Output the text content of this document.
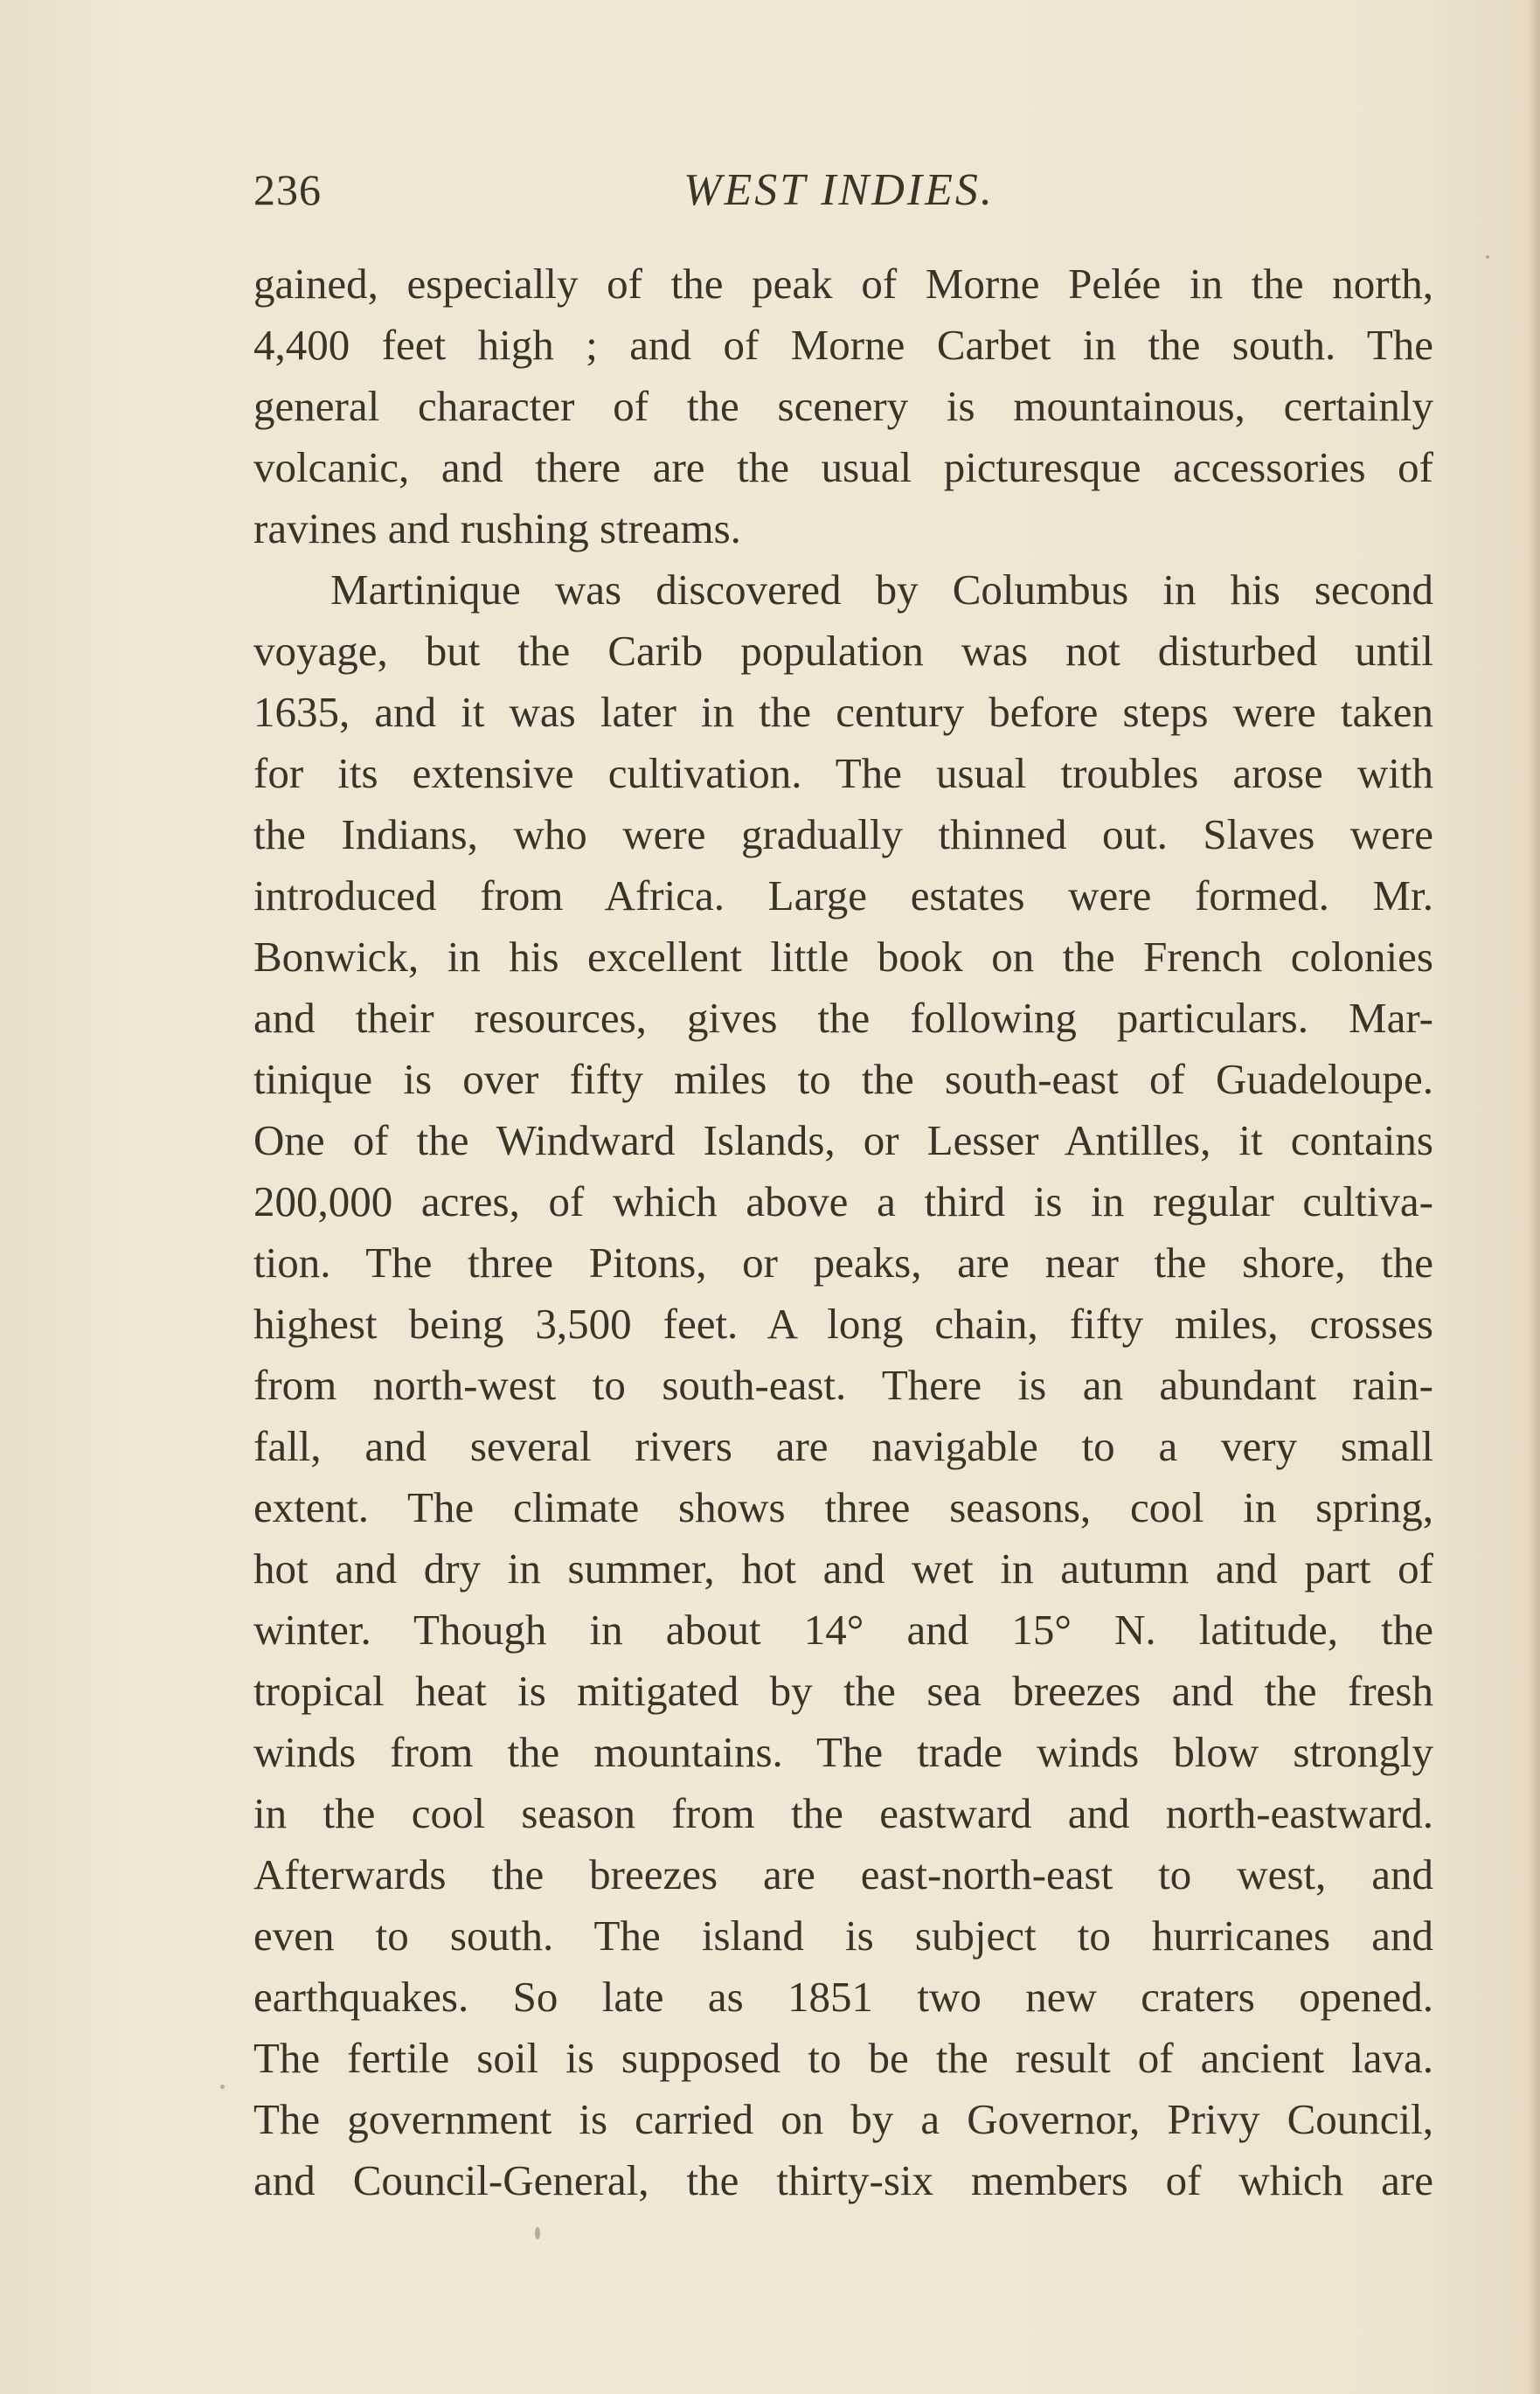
236	WEST INDIES.
gained, especially of the peak of Morne Pelée in the north,
4,400 feet high ; and of Morne Carbet in the south. The
general character of the scenery is mountainous, certainly
volcanic, and there are the usual picturesque accessories of
ravines and rushing streams.
Martinique was discovered by Columbus in his second
voyage, but the Carib population was not disturbed until
1635, and it was later in the century before steps were taken
for its extensive cultivation. The usual troubles arose with
the Indians, who were gradually thinned out. Slaves were
introduced from Africa. Large estates were formed. Mr.
Bonwick, in his excellent little book on the French colonies
and their resources, gives the following particulars. Mar-
tinique is over fifty miles to the south-east of Guadeloupe.
One of the Windward Islands, or Lesser Antilles, it contains
200,000 acres, of which above a third is in regular cultiva-
tion. The three Pitons, or peaks, are near the shore, the
highest being 3,500 feet. A long chain, fifty miles, crosses
from north-west to south-east. There is an abundant rain-
fall, and several rivers are navigable to a very small
extent. The climate shows three seasons, cool in spring,
hot and dry in summer, hot and wet in autumn and part of
winter. Though in about 14° and 15° N. latitude, the
tropical heat is mitigated by the sea breezes and the fresh
winds from the mountains. The trade winds blow strongly
in the cool season from the eastward and north-eastward.
Afterwards the breezes are east-north-east to west, and
even to south. The island is subject to hurricanes and
earthquakes. So late as 1851 two new craters opened.
The fertile soil is supposed to be the result of ancient lava.
The government is carried on by a Governor, Privy Council,
and Council-General, the thirty-six members of which are
